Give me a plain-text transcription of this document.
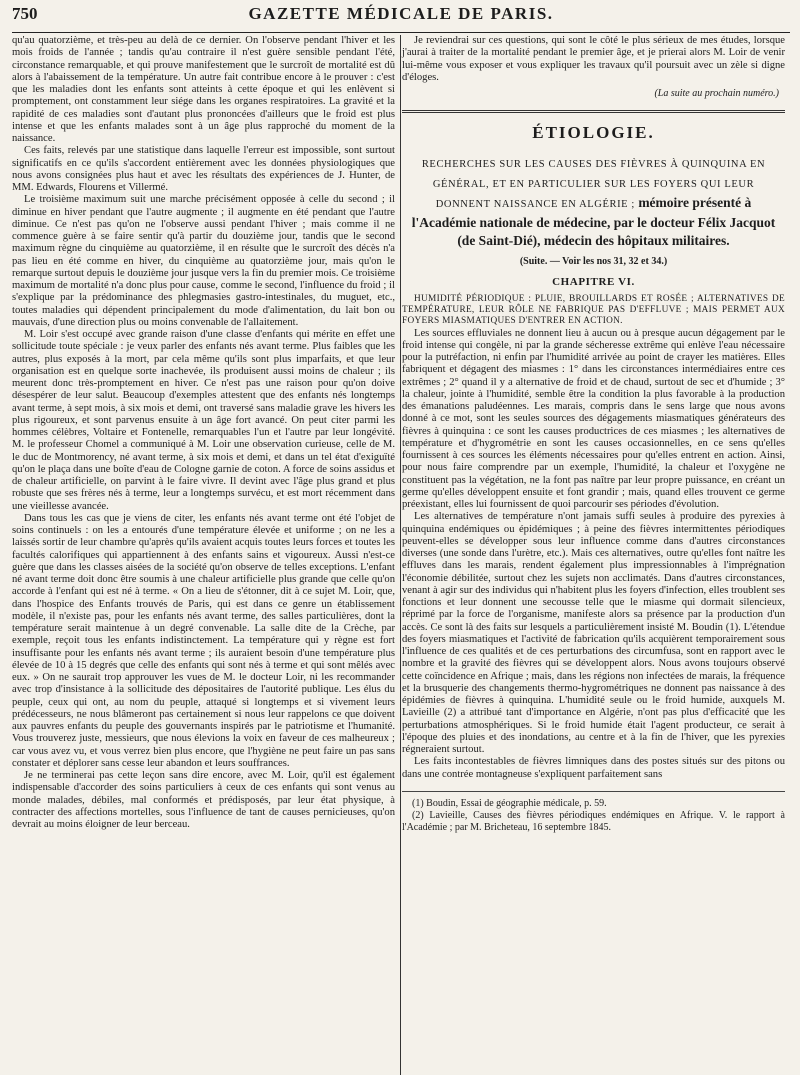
750	GAZETTE MÉDICALE DE PARIS.

qu'au quatorzième, et très-peu au delà de ce dernier. On l'observe pendant l'hiver et les mois froids de l'année ; tandis qu'au contraire il n'est guère sensible pendant l'été, circonstance remarquable, et qui prouve manifestement que le surcroît de mortalité est dû alors à l'abaissement de la température. Un autre fait contribue encore à le prouver : c'est que les maladies dont les enfants sont atteints à cette époque et qui les enlèvent si promptement, ont constamment leur siége dans les organes respiratoires. La gravité et la rapidité de ces maladies sont d'autant plus prononcées d'ailleurs que le froid est plus intense et que les enfants malades sont à un âge plus rapproché du moment de la naissance.

Ces faits, relevés par une statistique dans laquelle l'erreur est impossible, sont surtout significatifs en ce qu'ils s'accordent entièrement avec les données physiologiques que nous avons consignées plus haut et avec les résultats des expériences de J. Hunter, de MM. Edwards, Flourens et Villermé.

Le troisième maximum suit une marche précisément opposée à celle du second ; il diminue en hiver pendant que l'autre augmente ; il augmente en été pendant que l'autre diminue. Ce n'est pas qu'on ne l'observe aussi pendant l'hiver ; mais comme il ne commence guère à se faire sentir qu'à partir du douzième jour, tandis que le second maximum règne du cinquième au quatorzième, il en résulte que le surcroît des décès n'a pas lieu en été comme en hiver, du cinquième au quatorzième jour, mais qu'on le remarque surtout depuis le douzième jour jusque vers la fin du premier mois. Ce troisième maximum de mortalité n'a donc plus pour cause, comme le second, l'influence du froid ; il s'explique par la prédominance des phlegmasies gastro-intestinales, du muguet, etc., toutes maladies qui dépendent principalement du mode d'alimentation, du lait bon ou mauvais, d'une direction plus ou moins convenable de l'allaitement.

M. Loir s'est occupé avec grande raison d'une classe d'enfants qui mérite en effet une sollicitude toute spéciale : je veux parler des enfants nés avant terme. Plus faibles que les autres, plus exposés à la mort, par cela même qu'ils sont plus imparfaits, et que leur organisation est en quelque sorte inachevée, ils produisent aussi moins de chaleur ; ils meurent donc très-promptement en hiver. Ce n'est pas une raison pour qu'on doive désespérer de leur salut. Beaucoup d'exemples attestent que des enfants nés longtemps avant terme, à sept mois, à six mois et demi, ont traversé sans maladie grave les hivers les plus rigoureux, et sont parvenus ensuite à un âge fort avancé. On peut citer parmi les hommes célèbres, Voltaire et Fontenelle, remarquables l'un et l'autre par leur longévité. M. le professeur Chomel a communiqué à M. Loir une observation curieuse, celle de M. le duc de Montmorency, né avant terme, à six mois et demi, et dans un tel état d'exiguïté qu'on le plaça dans une boîte d'eau de Cologne garnie de coton. A force de soins assidus et de chaleur artificielle, on parvint à le faire vivre. Il devint avec l'âge plus grand et plus robuste que ses frères nés à terme, leur a longtemps survécu, et est mort récemment dans une vieillesse avancée.

Dans tous les cas que je viens de citer, les enfants nés avant terme ont été l'objet de soins continuels : on les a entourés d'une température élevée et uniforme ; on ne les a laissés sortir de leur chambre qu'après qu'ils avaient acquis toutes leurs forces et toutes les facultés calorifiques qui appartiennent à des enfants sains et vigoureux. Aussi n'est-ce guère que dans les classes aisées de la société qu'on observe de telles exceptions. L'enfant né avant terme doit donc être soumis à une chaleur artificielle plus grande que celle qu'on accorde à l'enfant qui est né à terme. « On a lieu de s'étonner, dit à ce sujet M. Loir, que, dans l'hospice des Enfants trouvés de Paris, qui est dans ce genre un établissement modèle, il n'existe pas, pour les enfants nés avant terme, des salles particulières, dont la température serait maintenue à un degré convenable. La salle dite de la Crèche, par exemple, reçoit tous les enfants indistinctement. La température qui y règne est fort insuffisante pour les enfants nés avant terme ; ils auraient besoin d'une température plus élevée de 10 à 15 degrés que celle des enfants qui sont nés à terme et qui sont mêlés avec eux. » On ne saurait trop approuver les vues de M. le docteur Loir, ni les recommander avec trop d'insistance à la sollicitude des dépositaires de l'autorité publique. Les élus du peuple, ceux qui ont, au nom du peuple, attaqué si longtemps et si vivement leurs prédécesseurs, ne nous blâmeront pas certainement si nous leur rappelons ce que doivent aux pauvres enfants du peuple des gouvernants inspirés par le patriotisme et l'humanité. Vous trouverez juste, messieurs, que nous élevions la voix en faveur de ces malheureux ; car vous avez vu, et vous verrez bien plus encore, que l'hygiène ne peut faire un pas sans constater et déplorer sans cesse leur abandon et leurs souffrances.

Je ne terminerai pas cette leçon sans dire encore, avec M. Loir, qu'il est également indispensable d'accorder des soins particuliers à ceux de ces enfants qui sont venus au monde malades, débiles, mal conformés et prédisposés, par leur état physique, à contracter des affections mortelles, sous l'influence de tant de causes pernicieuses, qu'on devrait au moins éloigner de leur berceau.

Je reviendrai sur ces questions, qui sont le côté le plus sérieux de mes études, lorsque j'aurai à traiter de la mortalité pendant le premier âge, et je prierai alors M. Loir de venir lui-même vous exposer et vous expliquer les travaux qu'il poursuit avec un zèle si digne d'éloges.

(La suite au prochain numéro.)
ÉTIOLOGIE.
RECHERCHES SUR LES CAUSES DES FIÈVRES À QUINQUINA EN GÉNÉRAL, ET EN PARTICULIER SUR LES FOYERS QUI LEUR DONNENT NAISSANCE EN ALGÉRIE ; mémoire présenté à l'Académie nationale de médecine, par le docteur Félix Jacquot (de Saint-Dié), médecin des hôpitaux militaires.
(Suite. — Voir les nos 31, 32 et 34.)
CHAPITRE VI.

HUMIDITÉ PÉRIODIQUE : PLUIE, BROUILLARDS ET ROSÉE ; ALTERNATIVES DE TEMPÉRATURE, LEUR RÔLE NE FABRIQUE PAS D'EFFLUVE ; MAIS PERMET AUX FOYERS MIASMATIQUES D'ENTRER EN ACTION.

Les sources effluviales ne donnent lieu à aucun ou à presque aucun dégagement par le froid intense qui congèle, ni par la grande sécheresse extrême qui enlève l'eau nécessaire pour la putréfaction, ni enfin par l'humidité arrivée au point de crayer les matières. Elles fabriquent et dégagent des miasmes : 1° dans les circonstances intermédiaires entre ces extrêmes ; 2° quand il y a alternative de froid et de chaud, surtout de sec et d'humide ; 3° la chaleur, jointe à l'humidité, semble être la condition la plus favorable à la production des émanations paludéennes. Les marais, compris dans le sens large que nous avons donné à ce mot, sont les seules sources des dégagements miasmatiques générateurs des fièvres à quinquina : ce sont les causes productrices de ces miasmes ; les alternatives de température et d'hygrométrie en sont les causes occasionnelles, en ce sens qu'elles fournissent à ces sources les éléments nécessaires pour qu'elles entrent en action. Ainsi, pour nous faire comprendre par un exemple, l'humidité, la chaleur et l'oxygène ne constituent pas la végétation, ne la font pas naître par leur propre puissance, en créant un germe qu'elles développent ensuite et font grandir ; mais, quand elles trouvent ce germe préexistant, elles lui fournissent de quoi parcourir ses périodes d'évolution.

Les alternatives de température n'ont jamais suffi seules à produire des pyrexies à quinquina endémiques ou épidémiques ; à peine des fièvres intermittentes périodiques peuvent-elles se développer sous leur influence comme dans d'autres circonstances diverses (une sonde dans l'urètre, etc.). Mais ces alternatives, outre qu'elles font naître les effluves dans les marais, rendent également plus impressionnables à l'imprégnation l'économie débilitée, surtout chez les sujets non acclimatés. Dans d'autres circonstances, venant à agir sur des individus qui n'habitent plus les foyers d'infection, elles troublent ses fonctions et leur donnent une secousse telle que le miasme qui dormait silencieux, réprimé par la force de l'organisme, manifeste alors sa présence par la production d'un accès. Ce sont là des faits sur lesquels a particulièrement insisté M. Boudin (1). L'étendue des foyers miasmatiques et l'activité de fabrication qu'ils acquièrent temporairement sous l'influence de ces qualités et de ces perturbations des circumfusa, sont en rapport avec le nombre et la gravité des fièvres qui se développent alors. Nous avons toujours observé cette coïncidence en Afrique ; mais, dans les régions non infectées de marais, la fréquence et la brusquerie des changements thermo-hygrométriques ne donnent pas naissance à des épidémies de fièvres à quinquina. L'humidité seule ou le froid humide, auxquels M. Lavieille (2) a attribué tant d'importance en Algérie, n'ont pas plus d'efficacité que les perturbations atmosphériques. Si le froid humide était l'agent producteur, ce serait à l'époque des pluies et des inondations, au centre et à la fin de l'hiver, que les pyrexies régneraient surtout.

Les faits incontestables de fièvres limniques dans des postes situés sur des pitons ou dans une contrée montagneuse s'expliquent parfaitement sans

(1) Boudin, Essai de géographie médicale, p. 59.
(2) Lavieille, Causes des fièvres périodiques endémiques en Afrique. V. le rapport à l'Académie ; par M. Bricheteau, 16 septembre 1845.
